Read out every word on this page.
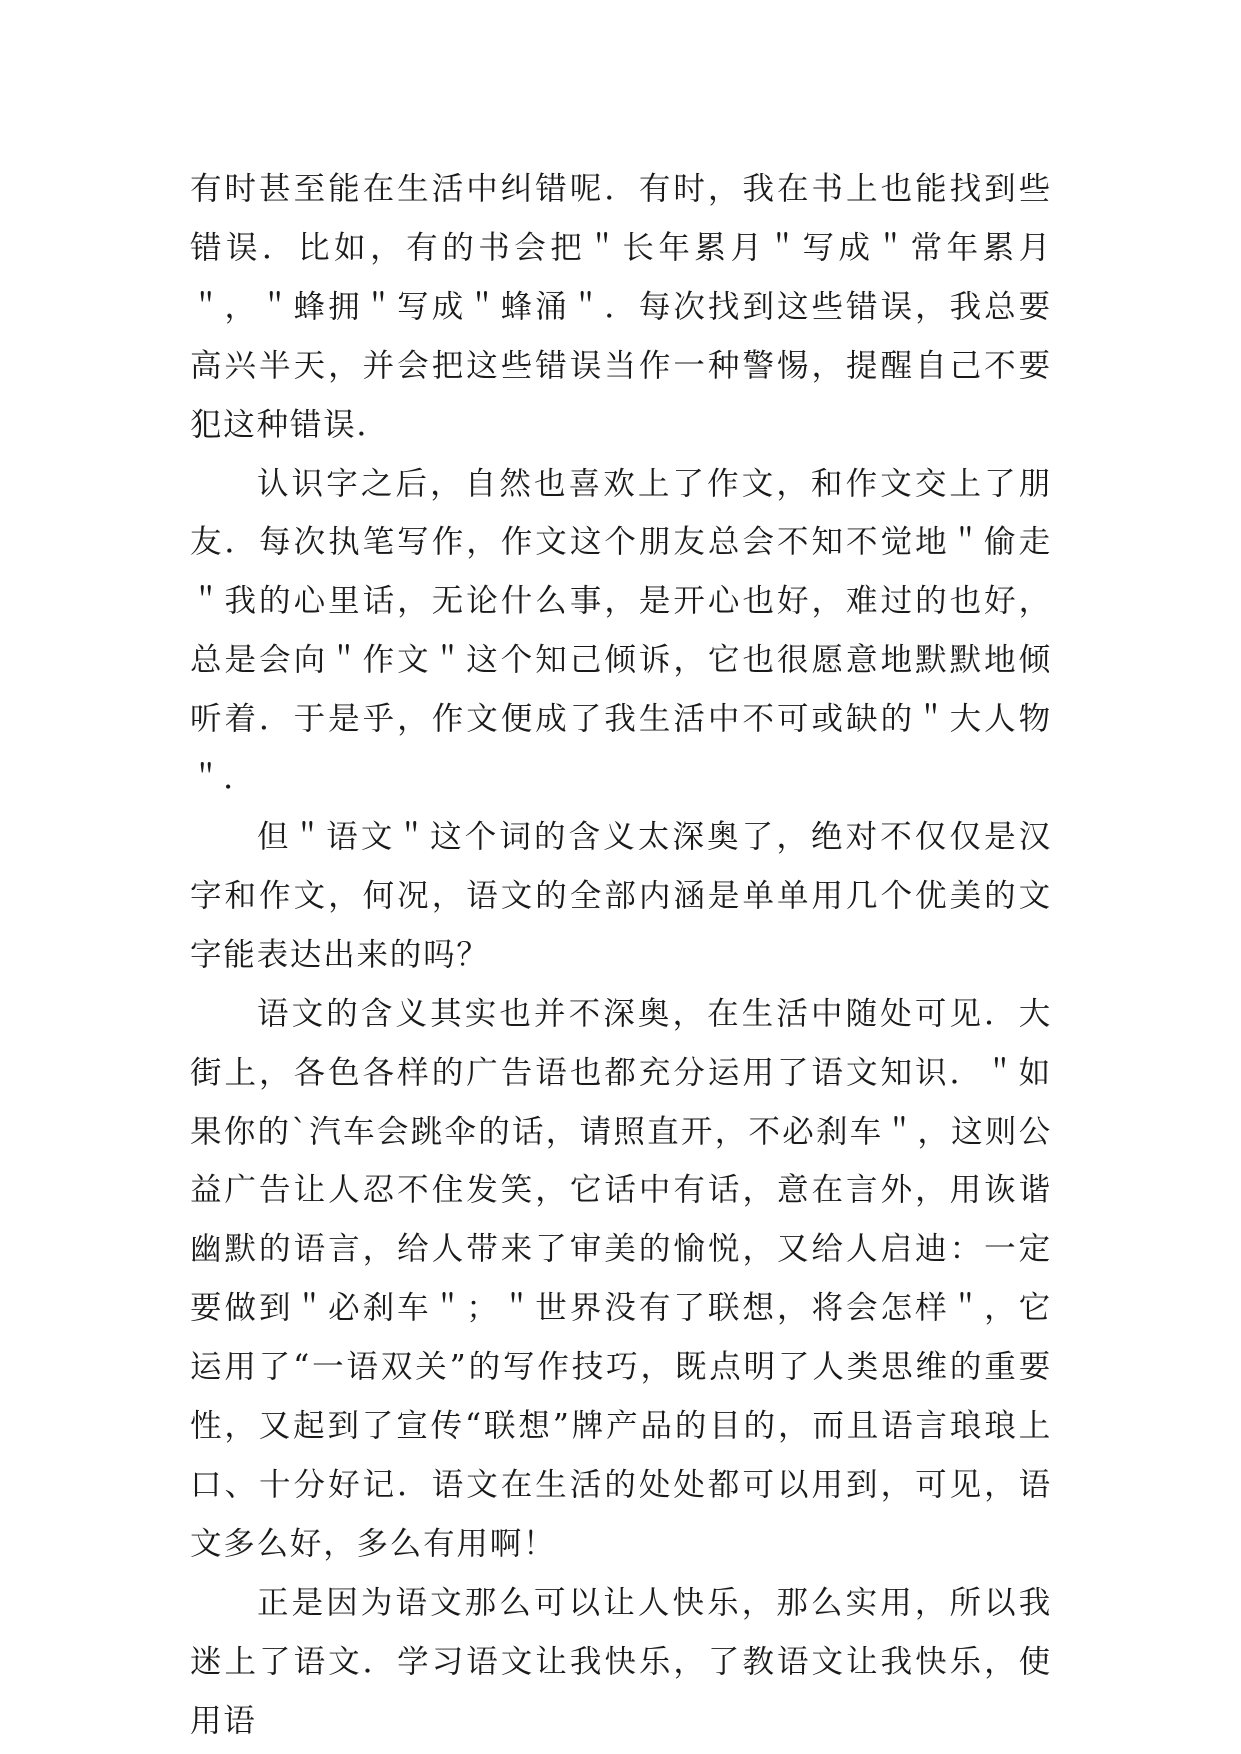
有时甚至能在生活中纠错呢．有时，我在书上也能找到些错误．比如，有的书会把＂长年累月＂写成＂常年累月＂，＂蜂拥＂写成＂蜂涌＂．每次找到这些错误，我总要高兴半天，并会把这些错误当作一种警惕，提醒自己不要犯这种错误．

认识字之后，自然也喜欢上了作文，和作文交上了朋友．每次执笔写作，作文这个朋友总会不知不觉地＂偷走＂我的心里话，无论什么事，是开心也好，难过的也好，总是会向＂作文＂这个知己倾诉，它也很愿意地默默地倾听着．于是乎，作文便成了我生活中不可或缺的＂大人物＂．

但＂语文＂这个词的含义太深奥了，绝对不仅仅是汉字和作文，何况，语文的全部内涵是单单用几个优美的文字能表达出来的吗？

语文的含义其实也并不深奥，在生活中随处可见．大街上，各色各样的广告语也都充分运用了语文知识．＂如果你的`汽车会跳伞的话，请照直开，不必刹车＂，这则公益广告让人忍不住发笑，它话中有话，意在言外，用诙谐幽默的语言，给人带来了审美的愉悦，又给人启迪：一定要做到＂必刹车＂；＂世界没有了联想，将会怎样＂，它运用了“一语双关”的写作技巧，既点明了人类思维的重要性，又起到了宣传“联想”牌产品的目的，而且语言琅琅上口、十分好记．语文在生活的处处都可以用到，可见，语文多么好，多么有用啊！

正是因为语文那么可以让人快乐，那么实用，所以我迷上了语文．学习语文让我快乐，了教语文让我快乐，使用语
